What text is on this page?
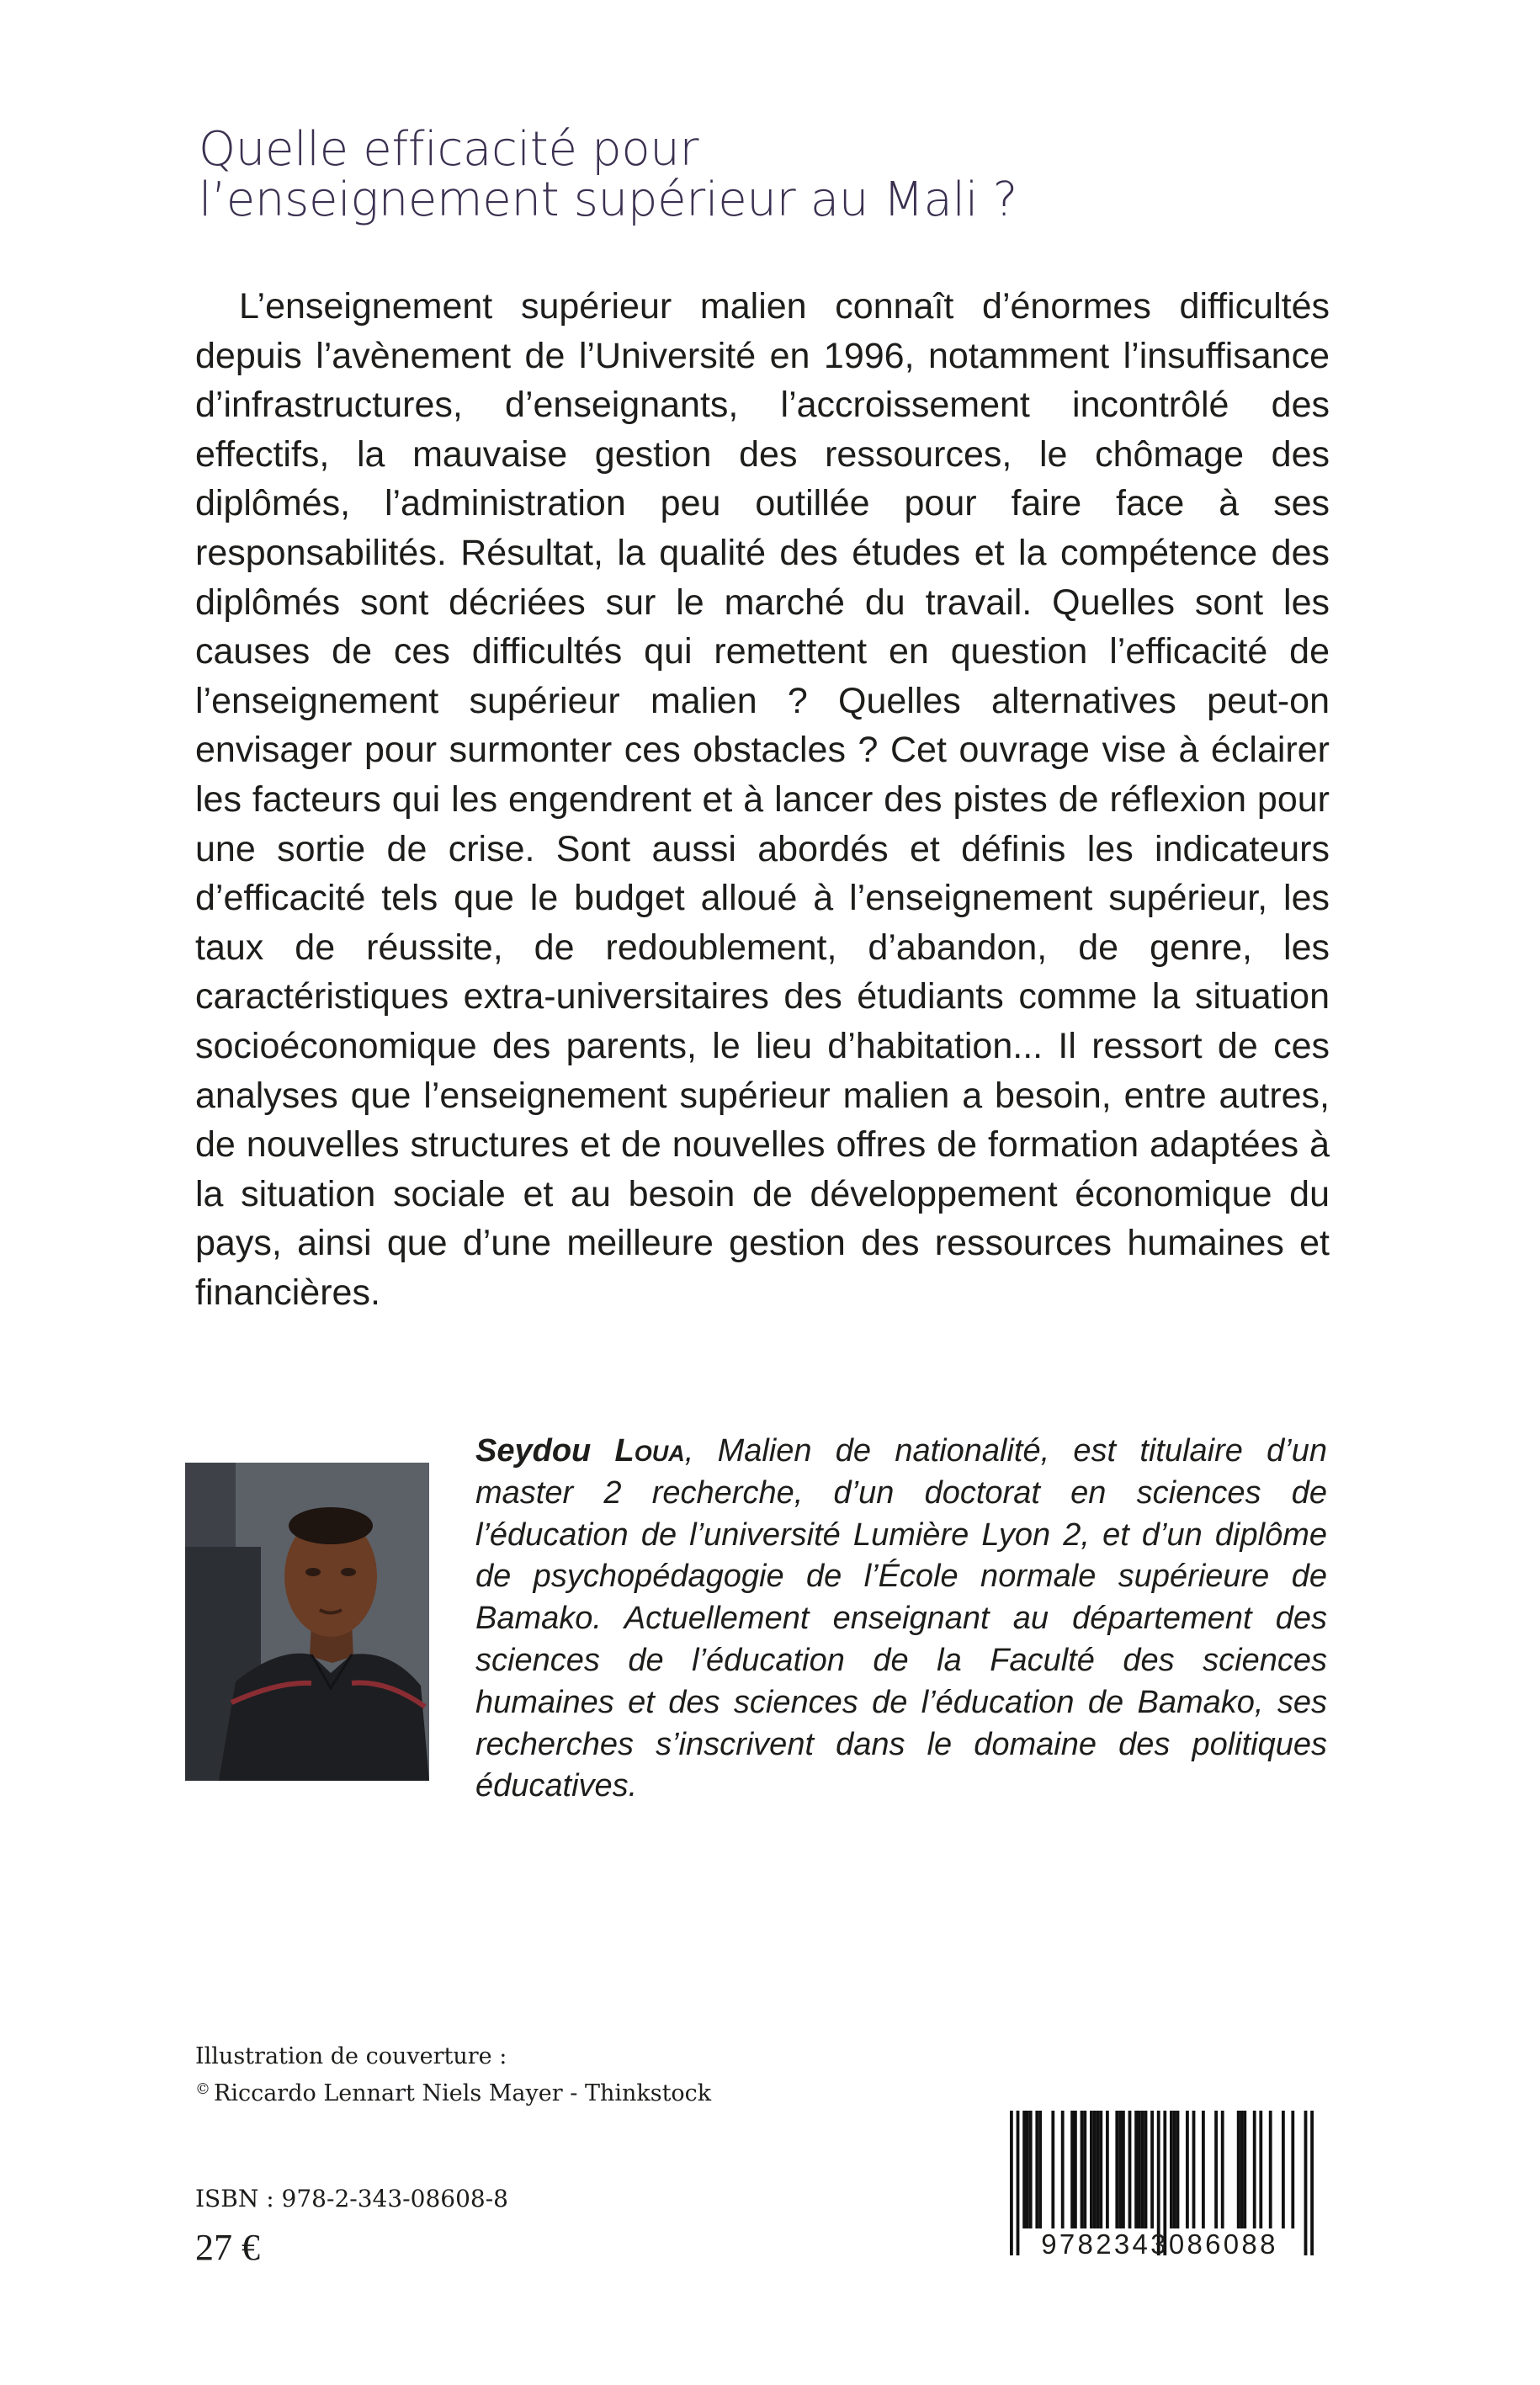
Quelle efficacité pour
l’enseignement supérieur au Mali ?

L’enseignement supérieur malien connaît d’énormes difficultés depuis l’avènement de l’Université en 1996, notamment l’insuffisance d’infrastructures, d’enseignants, l’accroissement incontrôlé des effectifs, la mauvaise gestion des ressources, le chômage des diplômés, l’administration peu outillée pour faire face à ses responsabilités. Résultat, la qualité des études et la compétence des diplômés sont décriées sur le marché du travail. Quelles sont les causes de ces difficultés qui remettent en question l’efficacité de l’enseignement supérieur malien ? Quelles alternatives peut-on envisager pour surmonter ces obstacles ? Cet ouvrage vise à éclairer les facteurs qui les engendrent et à lancer des pistes de réflexion pour une sortie de crise. Sont aussi abordés et définis les indicateurs d’efficacité tels que le budget alloué à l’enseignement supérieur, les taux de réussite, de redoublement, d’abandon, de genre, les caractéristiques extra-universitaires des étudiants comme la situation socioéconomique des parents, le lieu d’habitation... Il ressort de ces analyses que l’enseignement supérieur malien a besoin, entre autres, de nouvelles structures et de nouvelles offres de formation adaptées à la situation sociale et au besoin de développement économique du pays, ainsi que d’une meilleure gestion des ressources humaines et financières.

Seydou Loua, Malien de nationalité, est titulaire d’un master 2 recherche, d’un doctorat en sciences de l’éducation de l’université Lumière Lyon 2, et d’un diplôme de psychopédagogie de l’École normale supérieure de Bamako. Actuellement enseignant au département des sciences de l’éducation de la Faculté des sciences humaines et des sciences de l’éducation de Bamako, ses recherches s’inscrivent dans le domaine des politiques éducatives.

Illustration de couverture :
© Riccardo Lennart Niels Mayer - Thinkstock
ISBN : 978-2-343-08608-8
27 €	9782343086088
